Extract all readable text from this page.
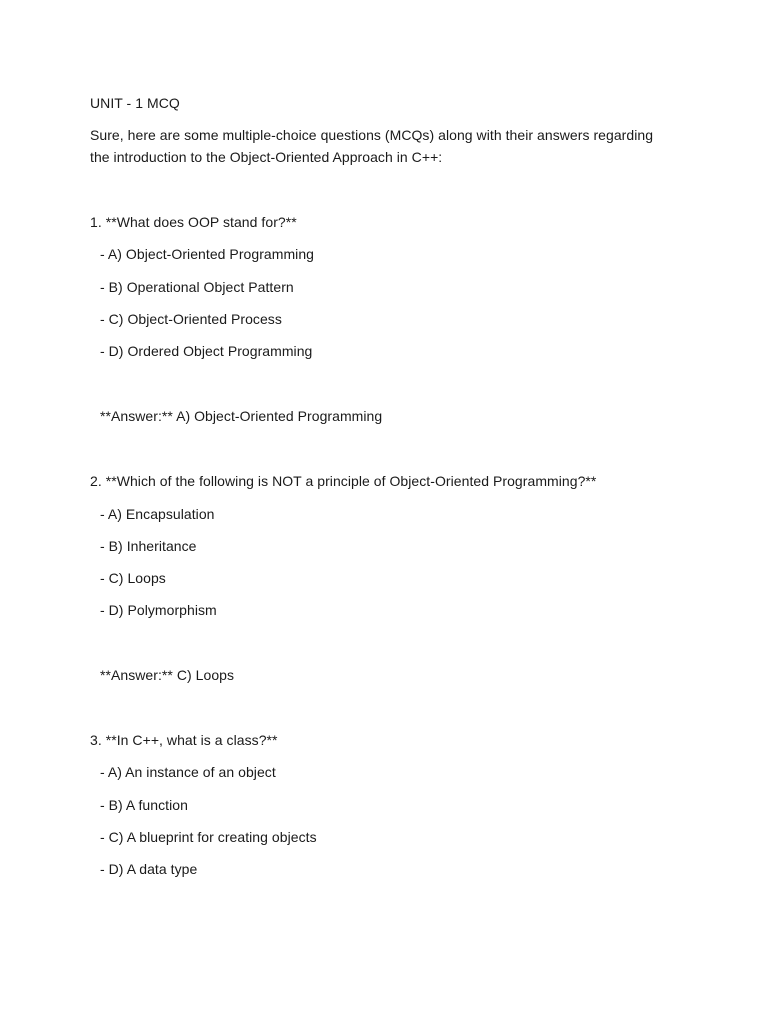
UNIT - 1 MCQ
Sure, here are some multiple-choice questions (MCQs) along with their answers regarding
the introduction to the Object-Oriented Approach in C++:
1. **What does OOP stand for?**
- A) Object-Oriented Programming
- B) Operational Object Pattern
- C) Object-Oriented Process
- D) Ordered Object Programming
**Answer:** A) Object-Oriented Programming
2. **Which of the following is NOT a principle of Object-Oriented Programming?**
- A) Encapsulation
- B) Inheritance
- C) Loops
- D) Polymorphism
**Answer:** C) Loops
3. **In C++, what is a class?**
- A) An instance of an object
- B) A function
- C) A blueprint for creating objects
- D) A data type
